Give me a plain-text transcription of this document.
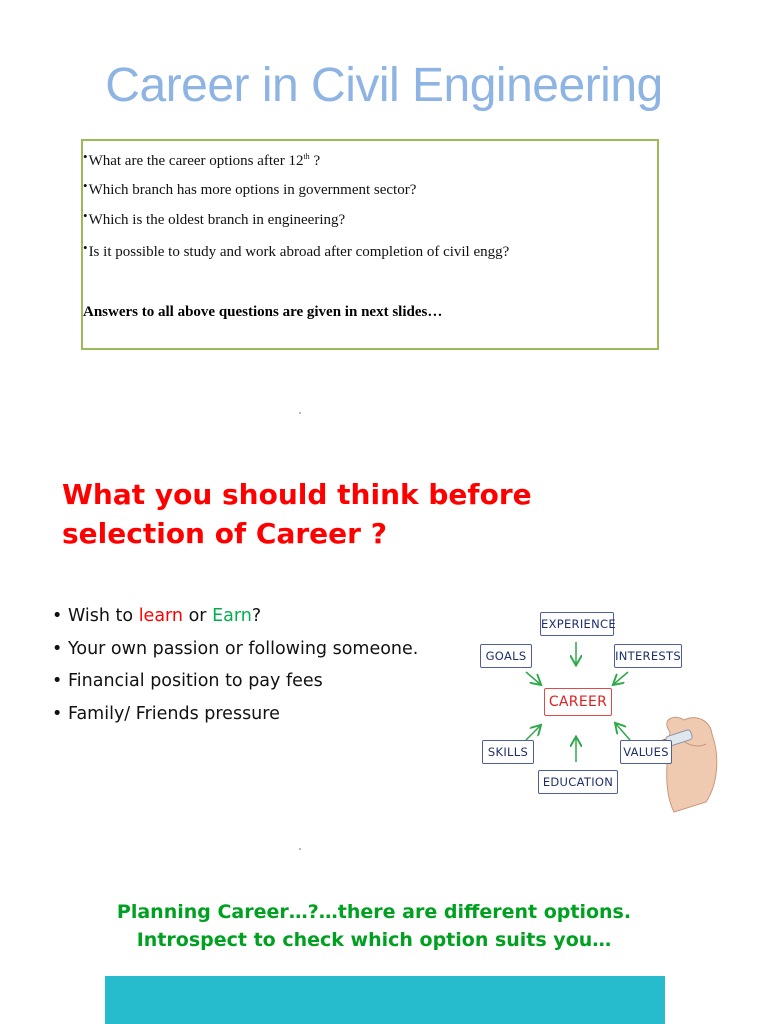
Career in Civil Engineering
•What are the career options after 12th ?
•Which branch has more options in government sector?
•Which is the oldest branch in engineering?
•Is it possible to study and work abroad after completion of civil engg?
Answers to all above questions are given in next slides…
What you should think before
selection of Career ?
• Wish to learn or Earn?
• Your own passion or following someone.
• Financial position to pay fees
• Family/ Friends pressure
EXPERIENCE
GOALS	INTERESTS
CAREER
SKILLS	VALUES
EDUCATION
Planning Career…?…there are different options.
Introspect to check which option suits you…
